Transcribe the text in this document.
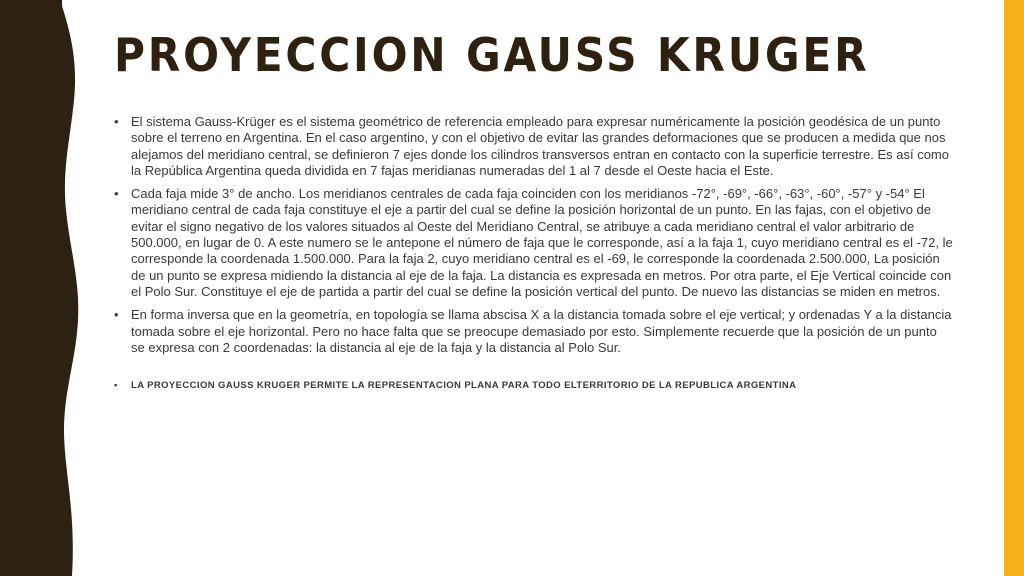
PROYECCION GAUSS KRUGER
• El sistema Gauss-Krüger es el sistema geométrico de referencia empleado para expresar numéricamente la posición geodésica de un punto sobre el terreno en Argentina. En el caso argentino, y con el objetivo de evitar las grandes deformaciones que se producen a medida que nos alejamos del meridiano central, se definieron 7 ejes donde los cilindros transversos entran en contacto con la superficie terrestre. Es así como la República Argentina queda dividida en 7 fajas meridianas numeradas del 1 al 7 desde el Oeste hacia el Este.
• Cada faja mide 3° de ancho. Los meridianos centrales de cada faja coinciden con los meridianos -72°, -69°, -66°, -63°, -60°, -57° y -54° El meridiano central de cada faja constituye el eje a partir del cual se define la posición horizontal de un punto. En las fajas, con el objetivo de evitar el signo negativo de los valores situados al Oeste del Meridiano Central, se atribuye a cada meridiano central el valor arbitrario de 500.000, en lugar de 0. A este numero se le antepone el número de faja que le corresponde, así a la faja 1, cuyo meridiano central es el -72, le corresponde la coordenada 1.500.000. Para la faja 2, cuyo meridiano central es el -69, le corresponde la coordenada 2.500.000, La posición de un punto se expresa midiendo la distancia al eje de la faja. La distancia es expresada en metros. Por otra parte, el Eje Vertical coincide con el Polo Sur. Constituye el eje de partida a partir del cual se define la posición vertical del punto. De nuevo las distancias se miden en metros.
• En forma inversa que en la geometría, en topología se llama abscisa X a la distancia tomada sobre el eje vertical; y ordenadas Y a la distancia tomada sobre el eje horizontal. Pero no hace falta que se preocupe demasiado por esto. Simplemente recuerde que la posición de un punto se expresa con 2 coordenadas: la distancia al eje de la faja y la distancia al Polo Sur.
• LA PROYECCION GAUSS KRUGER PERMITE LA REPRESENTACION PLANA PARA TODO ELTERRITORIO DE LA REPUBLICA ARGENTINA
